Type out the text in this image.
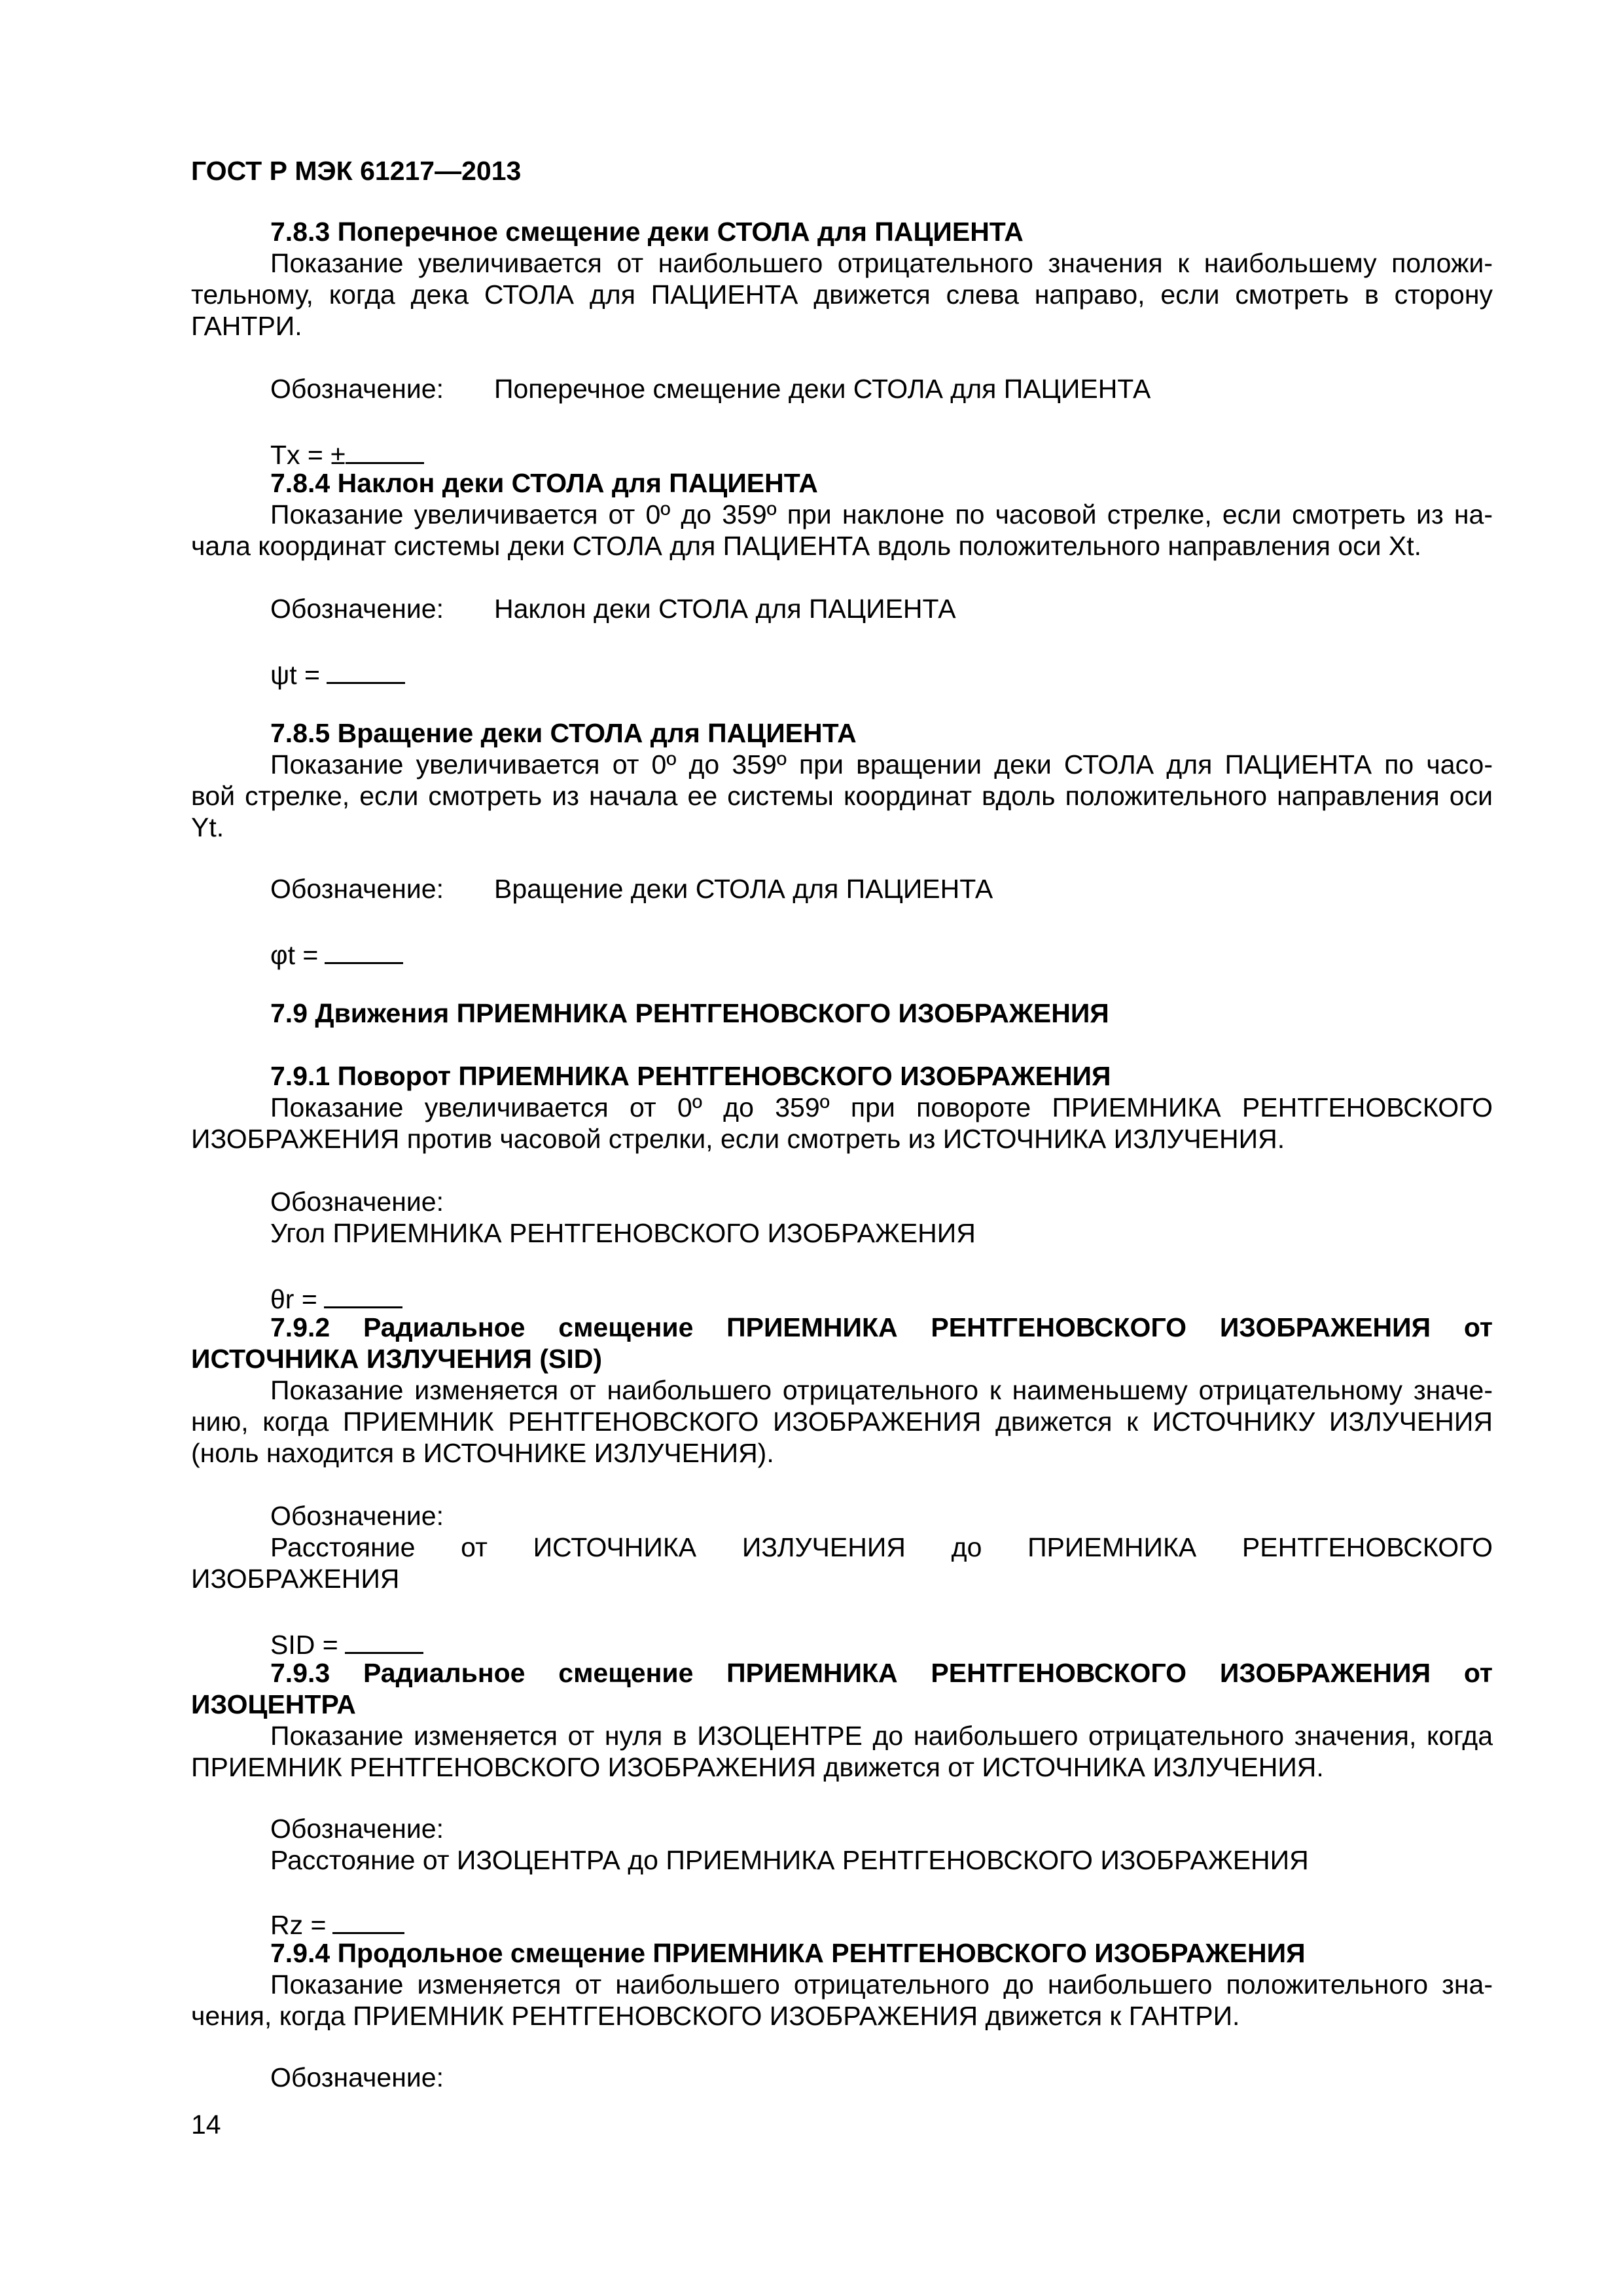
ГОСТ Р МЭК 61217—2013
7.8.3 Поперечное смещение деки СТОЛА для ПАЦИЕНТА
Показание увеличивается от наибольшего отрицательного значения к наибольшему положи-
тельному, когда дека СТОЛА для ПАЦИЕНТА движется слева направо, если смотреть в сторону
ГАНТРИ.
Обозначение: Поперечное смещение деки СТОЛА для ПАЦИЕНТА
Tx = ±
7.8.4 Наклон деки СТОЛА для ПАЦИЕНТА
Показание увеличивается от 0º до 359º при наклоне по часовой стрелке, если смотреть из на-
чала координат системы деки СТОЛА для ПАЦИЕНТА вдоль положительного направления оси Xt.
Обозначение: Наклон деки СТОЛА для ПАЦИЕНТА
ψt =
7.8.5 Вращение деки СТОЛА для ПАЦИЕНТА
Показание увеличивается от 0º до 359º при вращении деки СТОЛА для ПАЦИЕНТА по часо-
вой стрелке, если смотреть из начала ее системы координат вдоль положительного направления оси
Yt.
Обозначение: Вращение деки СТОЛА для ПАЦИЕНТА
φt =
7.9 Движения ПРИЕМНИКА РЕНТГЕНОВСКОГО ИЗОБРАЖЕНИЯ
7.9.1 Поворот ПРИЕМНИКА РЕНТГЕНОВСКОГО ИЗОБРАЖЕНИЯ
Показание увеличивается от 0º до 359º при повороте ПРИЕМНИКА РЕНТГЕНОВСКОГО
ИЗОБРАЖЕНИЯ против часовой стрелки, если смотреть из ИСТОЧНИКА ИЗЛУЧЕНИЯ.
Обозначение:
Угол ПРИЕМНИКА РЕНТГЕНОВСКОГО ИЗОБРАЖЕНИЯ
θr =
7.9.2 Радиальное смещение ПРИЕМНИКА РЕНТГЕНОВСКОГО ИЗОБРАЖЕНИЯ от
ИСТОЧНИКА ИЗЛУЧЕНИЯ (SID)
Показание изменяется от наибольшего отрицательного к наименьшему отрицательному значе-
нию, когда ПРИЕМНИК РЕНТГЕНОВСКОГО ИЗОБРАЖЕНИЯ движется к ИСТОЧНИКУ ИЗЛУЧЕНИЯ
(ноль находится в ИСТОЧНИКЕ ИЗЛУЧЕНИЯ).
Обозначение:
Расстояние от ИСТОЧНИКА ИЗЛУЧЕНИЯ до ПРИЕМНИКА РЕНТГЕНОВСКОГО
ИЗОБРАЖЕНИЯ
SID =
7.9.3 Радиальное смещение ПРИЕМНИКА РЕНТГЕНОВСКОГО ИЗОБРАЖЕНИЯ от
ИЗОЦЕНТРА
Показание изменяется от нуля в ИЗОЦЕНТРЕ до наибольшего отрицательного значения, когда
ПРИЕМНИК РЕНТГЕНОВСКОГО ИЗОБРАЖЕНИЯ движется от ИСТОЧНИКА ИЗЛУЧЕНИЯ.
Обозначение:
Расстояние от ИЗОЦЕНТРА до ПРИЕМНИКА РЕНТГЕНОВСКОГО ИЗОБРАЖЕНИЯ
Rz =
7.9.4 Продольное смещение ПРИЕМНИКА РЕНТГЕНОВСКОГО ИЗОБРАЖЕНИЯ
Показание изменяется от наибольшего отрицательного до наибольшего положительного зна-
чения, когда ПРИЕМНИК РЕНТГЕНОВСКОГО ИЗОБРАЖЕНИЯ движется к ГАНТРИ.
Обозначение:
14
